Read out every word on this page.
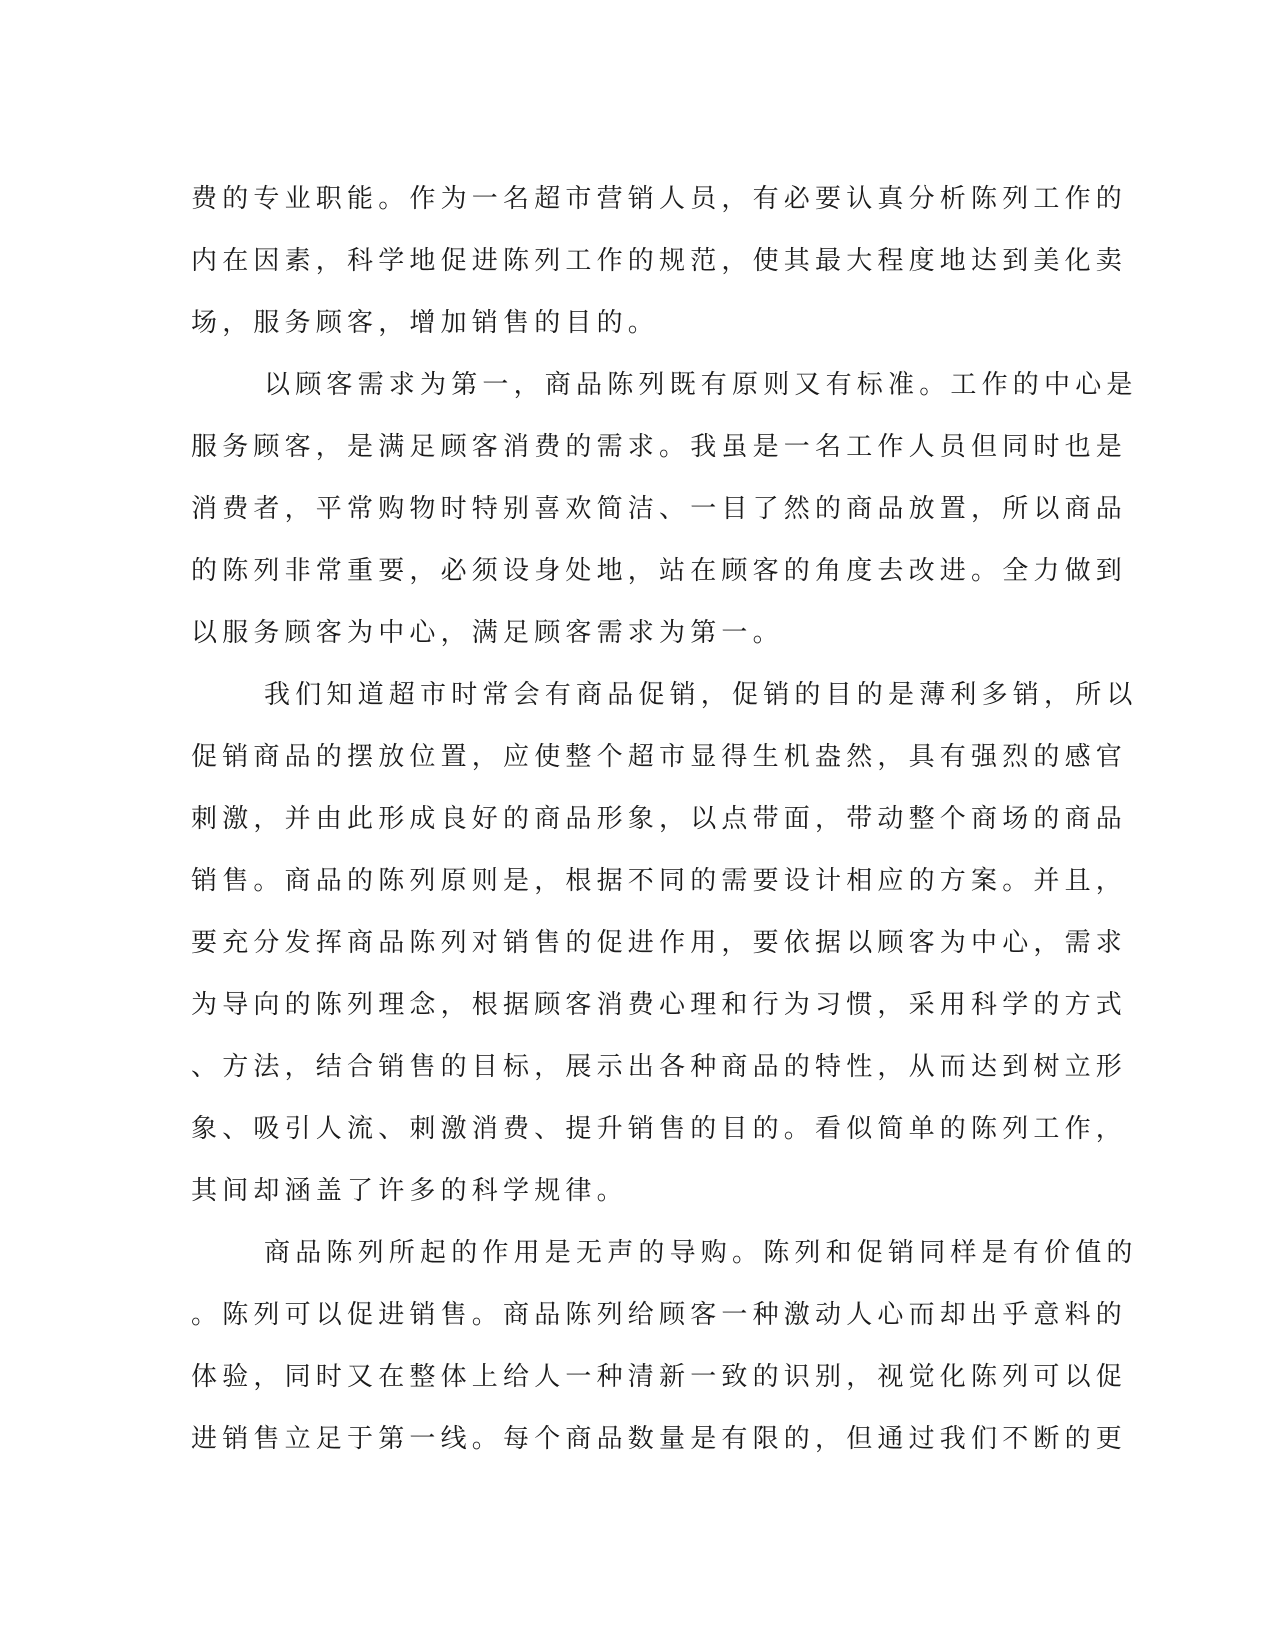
费的专业职能。作为一名超市营销人员，有必要认真分析陈列工作的
内在因素，科学地促进陈列工作的规范，使其最大程度地达到美化卖
场，服务顾客，增加销售的目的。
以顾客需求为第一，商品陈列既有原则又有标准。工作的中心是
服务顾客，是满足顾客消费的需求。我虽是一名工作人员但同时也是
消费者，平常购物时特别喜欢简洁、一目了然的商品放置，所以商品
的陈列非常重要，必须设身处地，站在顾客的角度去改进。全力做到
以服务顾客为中心，满足顾客需求为第一。
我们知道超市时常会有商品促销，促销的目的是薄利多销，所以
促销商品的摆放位置，应使整个超市显得生机盎然，具有强烈的感官
刺激，并由此形成良好的商品形象，以点带面，带动整个商场的商品
销售。商品的陈列原则是，根据不同的需要设计相应的方案。并且，
要充分发挥商品陈列对销售的促进作用，要依据以顾客为中心，需求
为导向的陈列理念，根据顾客消费心理和行为习惯，采用科学的方式
、方法，结合销售的目标，展示出各种商品的特性，从而达到树立形
象、吸引人流、刺激消费、提升销售的目的。看似简单的陈列工作，
其间却涵盖了许多的科学规律。
商品陈列所起的作用是无声的导购。陈列和促销同样是有价值的
。陈列可以促进销售。商品陈列给顾客一种激动人心而却出乎意料的
体验，同时又在整体上给人一种清新一致的识别，视觉化陈列可以促
进销售立足于第一线。每个商品数量是有限的，但通过我们不断的更
